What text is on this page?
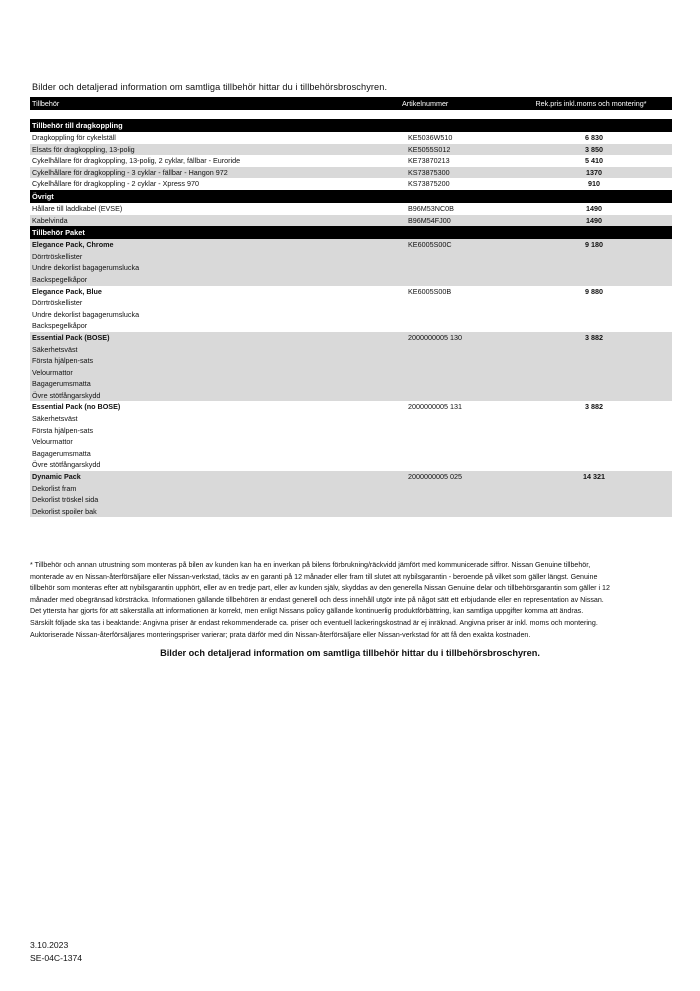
Bilder och detaljerad information om samtliga tillbehör hittar du i tillbehörsbroschyren.
Tillbehör	Artikelnummer	Rek.pris inkl.moms och montering*
Tillbehör till dragkoppling
Dragkoppling för cykelställ	KE5036W510	6 830
Elsats för dragkoppling, 13-polig	KE5055S012	3 850
Cykelhållare för dragkoppling, 13-polig, 2 cyklar, fällbar - Euroride	KE73870213	5 410
Cykelhållare för dragkoppling - 3 cyklar - fällbar - Hangon 972	KS73875300	1370
Cykelhållare för dragkoppling - 2 cyklar - Xpress 970	KS73875200	910
Övrigt
Hållare till laddkabel (EVSE)	B96M53NC0B	1490
Kabelvinda	B96M54FJ00	1490
Tillbehör Paket
Elegance Pack, Chrome	KE6005S00C	9 180
Dörrtröskellister
Undre dekorlist bagagerumslucka
Backspegelkåpor
Elegance Pack, Blue	KE6005S00B	9 880
Dörrtröskellister
Undre dekorlist bagagerumslucka
Backspegelkåpor
Essential Pack (BOSE)	2000000005 130	3 882
Säkerhetsväst
Första hjälpen-sats
Velourmattor
Bagagerumsmatta
Övre stötfångarskydd
Essential Pack (no BOSE)	2000000005 131	3 882
Säkerhetsväst
Första hjälpen-sats
Velourmattor
Bagagerumsmatta
Övre stötfångarskydd
Dynamic Pack	2000000005 025	14 321
Dekorlist fram
Dekorlist tröskel sida
Dekorlist spoiler bak
* Tillbehör och annan utrustning som monteras på bilen av kunden kan ha en inverkan på bilens förbrukning/räckvidd jämfört med kommunicerade siffror. Nissan Genuine tillbehör,
monterade av en Nissan-återförsäljare eller Nissan-verkstad, täcks av en garanti på 12 månader eller fram till slutet att nybilsgarantin - beroende på vilket som gäller längst. Genuine
tillbehör som monteras efter att nybilsgarantin upphört, eller av en tredje part, eller av kunden själv, skyddas av den generella Nissan Genuine delar och tillbehörsgarantin som gäller i 12
månader med obegränsad körsträcka. Informationen gällande tillbehören är endast generell och dess innehåll utgör inte på något sätt ett erbjudande eller en representation av Nissan.
Det yttersta har gjorts för att säkerställa att informationen är korrekt, men enligt Nissans policy gällande kontinuerlig produktförbättring, kan samtliga uppgifter komma att ändras.
Särskilt följade ska tas i beaktande: Angivna priser är endast rekommenderade ca. priser och eventuell lackeringskostnad är ej inräknad. Angivna priser är inkl. moms och montering.
Auktoriserade Nissan-återförsäljares monteringspriser varierar; prata därför med din Nissan-återförsäljare eller Nissan-verkstad för att få den exakta kostnaden.
Bilder och detaljerad information om samtliga tillbehör hittar du i tillbehörsbroschyren.
3.10.2023
SE-04C-1374
